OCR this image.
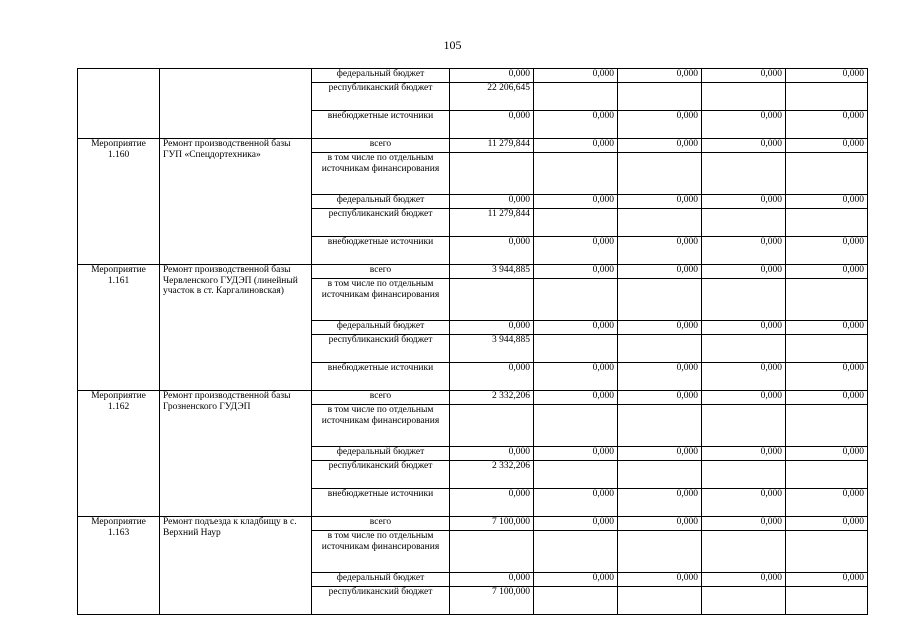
105
		федеральный бюджет	0,000	0,000	0,000	0,000	0,000
		республиканский бюджет	22 206,645				
		внебюджетные источники	0,000	0,000	0,000	0,000	0,000
Мероприятие 1.160	Ремонт производственной базы ГУП «Спецдортехника»	всего	11 279,844	0,000	0,000	0,000	0,000
		в том числе по отдельным источникам финансирования					
		федеральный бюджет	0,000	0,000	0,000	0,000	0,000
		республиканский бюджет	11 279,844				
		внебюджетные источники	0,000	0,000	0,000	0,000	0,000
Мероприятие 1.161	Ремонт производственной базы Червленского ГУДЭП (линейный участок в ст. Каргалиновская)	всего	3 944,885	0,000	0,000	0,000	0,000
		в том числе по отдельным источникам финансирования					
		федеральный бюджет	0,000	0,000	0,000	0,000	0,000
		республиканский бюджет	3 944,885				
		внебюджетные источники	0,000	0,000	0,000	0,000	0,000
Мероприятие 1.162	Ремонт производственной базы Грозненского ГУДЭП	всего	2 332,206	0,000	0,000	0,000	0,000
		в том числе по отдельным источникам финансирования					
		федеральный бюджет	0,000	0,000	0,000	0,000	0,000
		республиканский бюджет	2 332,206				
		внебюджетные источники	0,000	0,000	0,000	0,000	0,000
Мероприятие 1.163	Ремонт подъезда к кладбищу в с. Верхний Наур	всего	7 100,000	0,000	0,000	0,000	0,000
		в том числе по отдельным источникам финансирования					
		федеральный бюджет	0,000	0,000	0,000	0,000	0,000
		республиканский бюджет	7 100,000				
